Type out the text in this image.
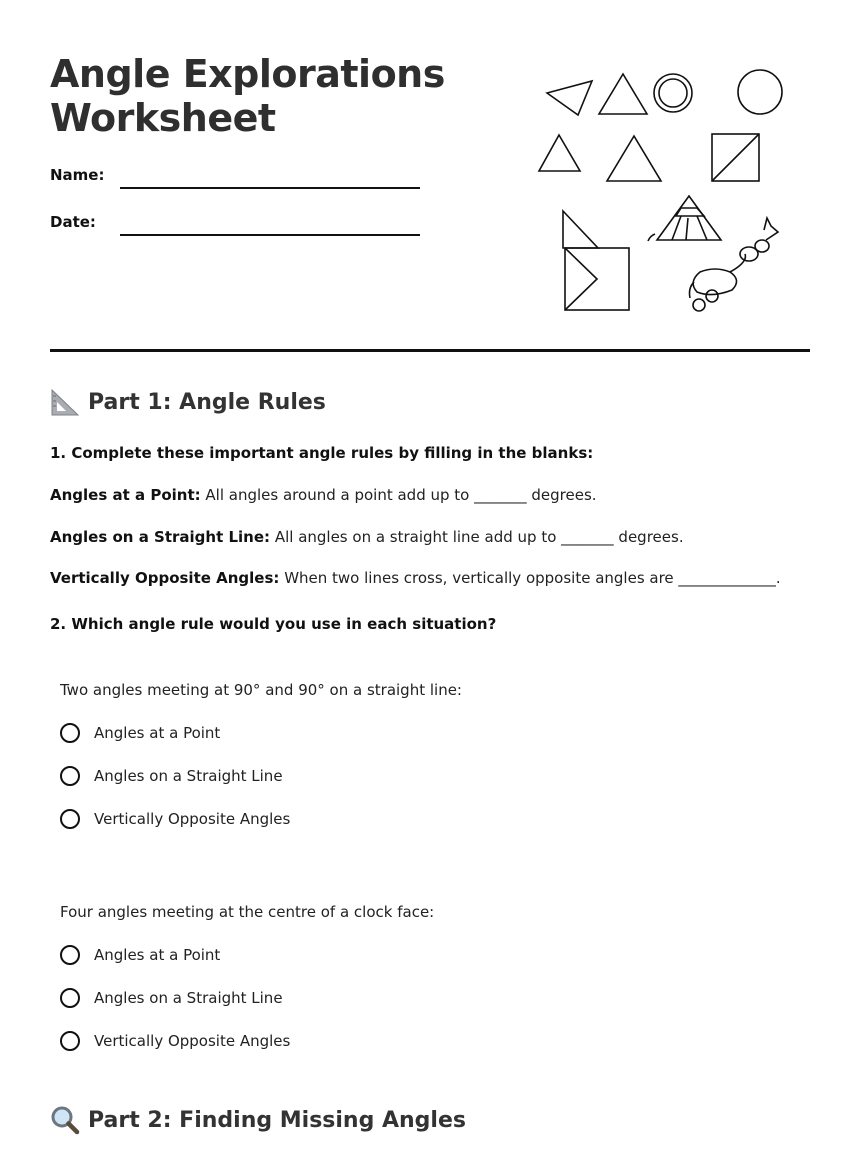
Angle Explorations
Worksheet
Name:
Date:
Part 1: Angle Rules
1. Complete these important angle rules by filling in the blanks:
Angles at a Point: All angles around a point add up to _______ degrees.
Angles on a Straight Line: All angles on a straight line add up to _______ degrees.
Vertically Opposite Angles: When two lines cross, vertically opposite angles are _____________.
2. Which angle rule would you use in each situation?
Two angles meeting at 90° and 90° on a straight line:
Angles at a Point
Angles on a Straight Line
Vertically Opposite Angles
Four angles meeting at the centre of a clock face:
Angles at a Point
Angles on a Straight Line
Vertically Opposite Angles
Part 2: Finding Missing Angles
